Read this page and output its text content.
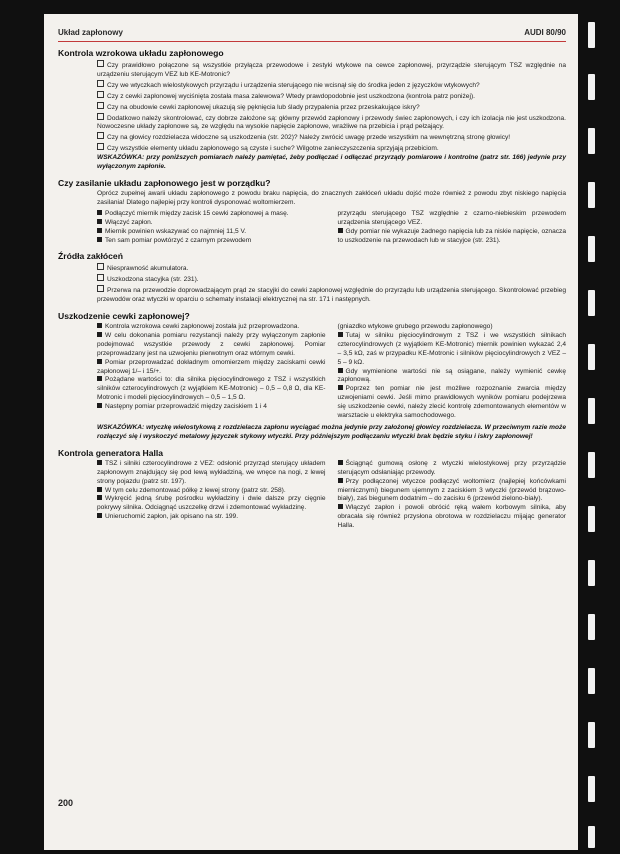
Układ zapłonowy	AUDI 80/90
Kontrola wzrokowa układu zapłonowego

Czy prawidłowo połączone są wszystkie przyłącza przewodowe i zestyki wtykowe na cewce zapłonowej, przyrządzie sterującym TSZ względnie na urządzeniu sterującym VEZ lub KE-Motronic?

Czy we wtyczkach wielostykowych przyrządu i urządzenia sterującego nie wcisnął się do środka jeden z języczków wtykowych?

Czy z cewki zapłonowej wyciśnięta została masa zalewowa? Wtedy prawdopodobnie jest uszkodzona (kontrola patrz poniżej).

Czy na obudowie cewki zapłonowej ukazują się pęknięcia lub ślady przypalenia przez przeskakujące iskry?

Dodatkowo należy skontrolować, czy dobrze założone są: główny przewód zapłonowy i przewody świec zapłonowych, i czy ich izolacja nie jest uszkodzona. Nowoczesne układy zapłonowe są, ze względu na wysokie napięcie zapłonowe, wrażliwe na przebicia i prąd pełzający.

Czy na głowicy rozdzielacza widoczne są uszkodzenia (str. 202)? Należy zwrócić uwagę przede wszystkim na wewnętrzną stronę głowicy!

Czy wszystkie elementy układu zapłonowego są czyste i suche? Wilgotne zanieczyszczenia sprzyjają przebiciom.

WSKAZÓWKA: przy poniższych pomiarach należy pamiętać, żeby podłączać i odłączać przyrządy pomiarowe i kontrolne (patrz str. 166) jedynie przy wyłączonym zapłonie.

Czy zasilanie układu zapłonowego jest w porządku?

Oprócz zupełnej awarii układu zapłonowego z powodu braku napięcia, do znacznych zakłóceń układu dojść może również z powodu zbyt niskiego napięcia zasilania! Dlatego najlepiej przy kontroli dysponować woltomierzem.

Podłączyć miernik między zacisk 15 cewki zapłonowej a masę.

Włączyć zapłon.

Miernik powinien wskazywać co najmniej 11,5 V.

Ten sam pomiar powtórzyć z czarnym przewodem

przyrządu sterującego TSZ względnie z czarno-niebieskim przewodem urządzenia sterującego VEZ.

Gdy pomiar nie wykazuje żadnego napięcia lub za niskie napięcie, oznacza to uszkodzenie na przewodach lub w stacyjce (str. 231).

Źródła zakłóceń

Niesprawność akumulatora.

Uszkodzona stacyjka (str. 231).

Przerwa na przewodzie doprowadzającym prąd ze stacyjki do cewki zapłonowej względnie do przyrządu lub urządzenia sterującego. Skontrolować przebieg przewodów oraz wtyczki w oparciu o schematy instalacji elektrycznej na str. 171 i następnych.

Uszkodzenie cewki zapłonowej?

Kontrola wzrokowa cewki zapłonowej została już przeprowadzona.

W celu dokonania pomiaru rezystancji należy przy wyłączonym zapłonie podejmować wszystkie przewody z cewki zapłonowej. Pomiar przeprowadzany jest na uzwojeniu pierwotnym oraz wtórnym cewki.

Pomiar przeprowadzać dokładnym omomierzem między zaciskami cewki zapłonowej 1/– i 15/+.

Pożądane wartości to: dla silnika pięciocylindrowego z TSZ i wszystkich silników czterocylindrowych (z wyjątkiem KE-Motronic) – 0,5 – 0,8 Ω, dla KE-Motronic i modeli pięciocylindrowych – 0,5 – 1,5 Ω.

Następny pomiar przeprowadzić między zaciskiem 1 i 4

(gniazdko wtykowe grubego przewodu zapłonowego)

Tutaj w silniku pięciocylindrowym z TSZ i we wszystkich silnikach czterocylindrowych (z wyjątkiem KE-Motronic) miernik powinien wykazać 2,4 – 3,5 kΩ, zaś w przypadku KE-Motronic i silników pięciocylindrowych z VEZ – 5 – 9 kΩ.

Gdy wymienione wartości nie są osiągane, należy wymienić cewkę zapłonową.

Poprzez ten pomiar nie jest możliwe rozpoznanie zwarcia między uzwojeniami cewki. Jeśli mimo prawidłowych wyników pomiaru podejrzewa się uszkodzenie cewki, należy zlecić kontrolę zdemontowanych elementów w warsztacie u elektryka samochodowego.

WSKAZÓWKA: wtyczkę wielostykową z rozdzielacza zapłonu wyciągać można jedynie przy założonej głowicy rozdzielacza. W przeciwnym razie może rozłączyć się i wyskoczyć metalowy języczek stykowy wtyczki. Przy późniejszym podłączaniu wtyczki brak będzie styku i iskry zapłonowej!

Kontrola generatora Halla

TSZ i silniki czterocylindrowe z VEZ: odsłonić przyrząd sterujący układem zapłonowym znajdujący się pod lewą wykładziną, we wnęce na nogi, z lewej strony pojazdu (patrz str. 197).

W tym celu zdemontować półkę z lewej strony (patrz str. 258).

Wykręcić jedną śrubę pośrodku wykładziny i dwie dalsze przy cięgnie pokrywy silnika. Odciągnąć uszczelkę drzwi i zdemontować wykładzinę.

Unieruchomić zapłon, jak opisano na str. 199.

Ściągnąć gumową osłonę z wtyczki wielostykowej przy przyrządzie sterującym odsłaniając przewody.

Przy podłączonej wtyczce podłączyć woltomierz (najlepiej końcówkami miernicznymi) biegunem ujemnym z zaciskiem 3 wtyczki (przewód brązowo-biały), zaś biegunem dodatnim – do zacisku 6 (przewód zielono-biały).

Włączyć zapłon i powoli obrócić ręką wałem korbowym silnika, aby obracała się również przysłona obrotowa w rozdzielaczu mijając generator Halla.

200
